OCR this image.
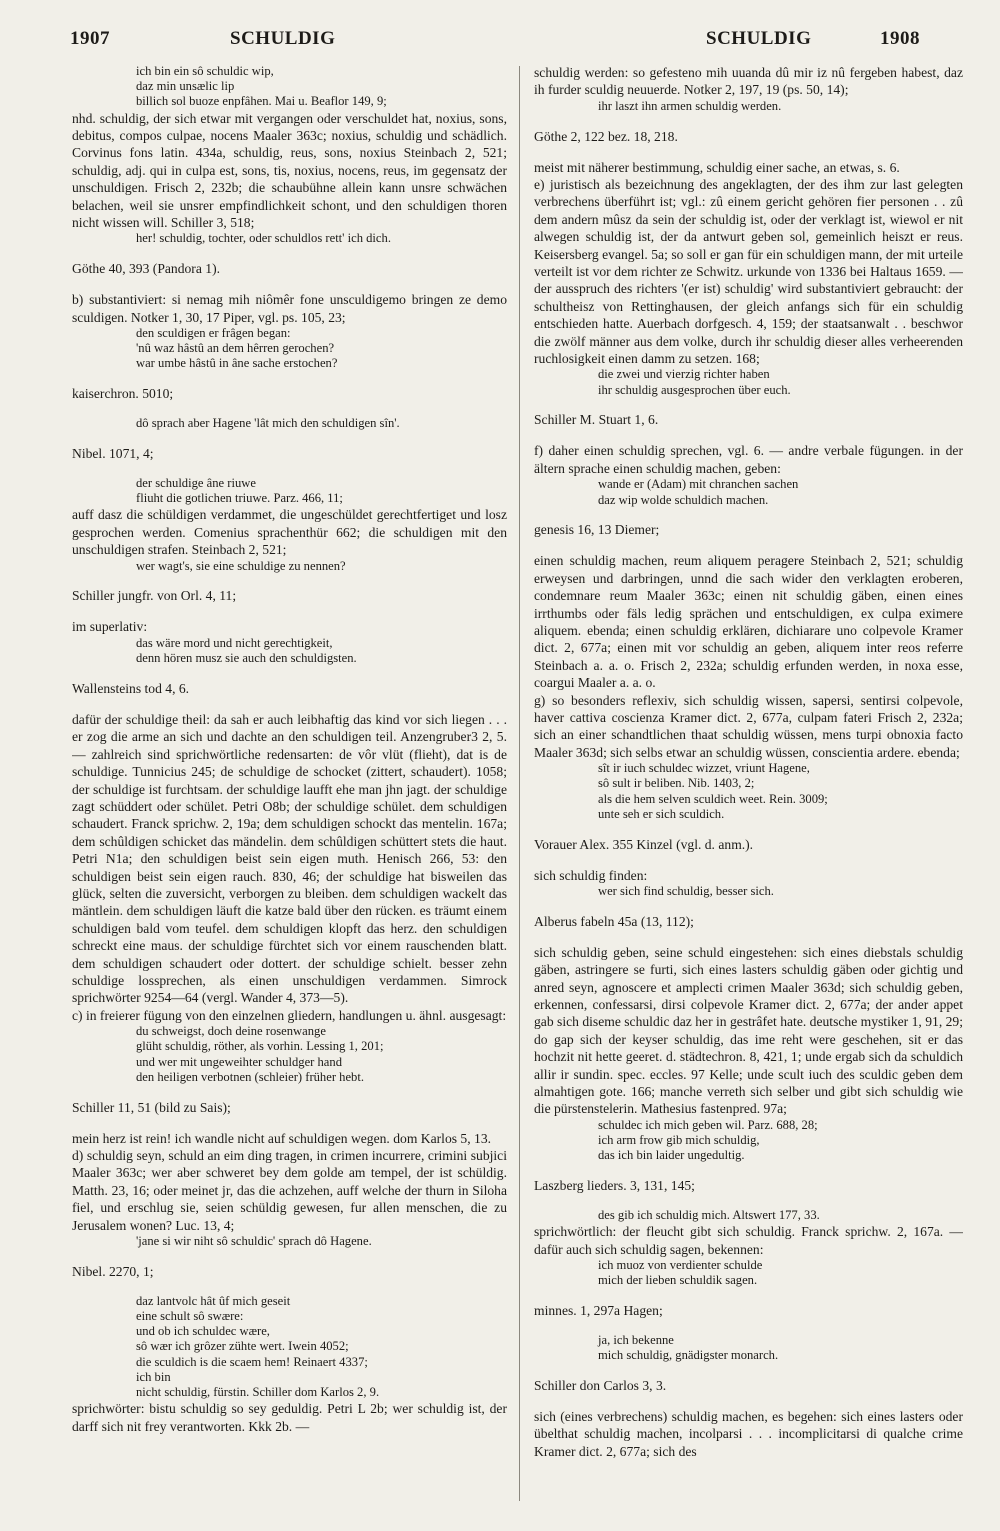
1907	SCHULDIG	SCHULDIG	1908

ich bin ein sô schuldic wip,

daz min unsælic lip

billich sol buoze enpfâhen. Mai u. Beaflor 149, 9;

nhd. schuldig, der sich etwar mit vergangen oder verschuldet hat, noxius, sons, debitus, compos culpae, nocens Maaler 363c; noxius, schuldig und schädlich. Corvinus fons latin. 434a, schuldig, reus, sons, noxius Steinbach 2, 521; schuldig, adj. qui in culpa est, sons, tis, noxius, nocens, reus, im gegensatz der unschuldigen. Frisch 2, 232b; die schaubühne allein kann unsre schwächen belachen, weil sie unsrer empfindlichkeit schont, und den schuldigen thoren nicht wissen will. Schiller 3, 518;

her! schuldig, tochter, oder schuldlos rett' ich dich.

Göthe 40, 393 (Pandora 1).

b) substantiviert: si nemag mih niômêr fone unsculdigemo bringen ze demo sculdigen. Notker 1, 30, 17 Piper, vgl. ps. 105, 23;

den sculdigen er frâgen began:

'nû waz hâstû an dem hêrren gerochen?

war umbe hâstû in âne sache erstochen?

kaiserchron. 5010;

dô sprach aber Hagene 'lât mich den schuldigen sîn'.

Nibel. 1071, 4;

der schuldige âne riuwe

fliuht die gotlichen triuwe. Parz. 466, 11;

auff dasz die schüldigen verdammet, die ungeschüldet gerechtfertiget und losz gesprochen werden. Comenius sprachenthür 662; die schuldigen mit den unschuldigen strafen. Steinbach 2, 521;

wer wagt's, sie eine schuldige zu nennen?

Schiller jungfr. von Orl. 4, 11;

im superlativ:

das wäre mord und nicht gerechtigkeit,

denn hören musz sie auch den schuldigsten.

Wallensteins tod 4, 6.

dafür der schuldige theil: da sah er auch leibhaftig das kind vor sich liegen . . . er zog die arme an sich und dachte an den schuldigen teil. Anzengruber3 2, 5. — zahlreich sind sprichwörtliche redensarten: de vôr vlüt (flieht), dat is de schuldige. Tunnicius 245; de schuldige de schocket (zittert, schaudert). 1058; der schuldige ist furchtsam. der schuldige laufft ehe man jhn jagt. der schuldige zagt schüddert oder schület. Petri O8b; der schuldige schület. dem schuldigen schaudert. Franck sprichw. 2, 19a; dem schuldigen schockt das mentelin. 167a; dem schûldigen schicket das mändelin. dem schûldigen schüttert stets die haut. Petri N1a; den schuldigen beist sein eigen muth. Henisch 266, 53: den schuldigen beist sein eigen rauch. 830, 46; der schuldige hat bisweilen das glück, selten die zuversicht, verborgen zu bleiben. dem schuldigen wackelt das mäntlein. dem schuldigen läuft die katze bald über den rücken. es träumt einem schuldigen bald vom teufel. dem schuldigen klopft das herz. den schuldigen schreckt eine maus. der schuldige fürchtet sich vor einem rauschenden blatt. dem schuldigen schaudert oder dottert. der schuldige schielt. besser zehn schuldige lossprechen, als einen unschuldigen verdammen. Simrock sprichwörter 9254—64 (vergl. Wander 4, 373—5).

c) in freierer fügung von den einzelnen gliedern, handlungen u. ähnl. ausgesagt:

du schweigst, doch deine rosenwange

glüht schuldig, röther, als vorhin. Lessing 1, 201;

und wer mit ungeweihter schuldger hand

den heiligen verbotnen (schleier) früher hebt.

Schiller 11, 51 (bild zu Sais);

mein herz ist rein! ich wandle nicht auf schuldigen wegen. dom Karlos 5, 13.

d) schuldig seyn, schuld an eim ding tragen, in crimen incurrere, crimini subjici Maaler 363c; wer aber schweret bey dem golde am tempel, der ist schüldig. Matth. 23, 16; oder meinet jr, das die achzehen, auff welche der thurn in Siloha fiel, und erschlug sie, seien schüldig gewesen, fur allen menschen, die zu Jerusalem wonen? Luc. 13, 4;

'jane si wir niht sô schuldic' sprach dô Hagene.

Nibel. 2270, 1;

daz lantvolc hât ûf mich geseit

eine schult sô swære:

und ob ich schuldec wære,

sô wær ich grôzer zühte wert. Iwein 4052;

die sculdich is die scaem hem! Reinaert 4337;

ich bin

nicht schuldig, fürstin. Schiller dom Karlos 2, 9.

sprichwörter: bistu schuldig so sey geduldig. Petri L 2b; wer schuldig ist, der darff sich nit frey verantworten. Kkk 2b. —

schuldig werden: so gefesteno mih uuanda dû mir iz nû fergeben habest, daz ih furder sculdig neuuerde. Notker 2, 197, 19 (ps. 50, 14);

ihr laszt ihn armen schuldig werden.

Göthe 2, 122 bez. 18, 218.

meist mit näherer bestimmung, schuldig einer sache, an etwas, s. 6.

e) juristisch als bezeichnung des angeklagten, der des ihm zur last gelegten verbrechens überführt ist; vgl.: zû einem gericht gehören fier personen . . zû dem andern mûsz da sein der schuldig ist, oder der verklagt ist, wiewol er nit alwegen schuldig ist, der da antwurt geben sol, gemeinlich heiszt er reus. Keisersberg evangel. 5a; so soll er gan für ein schuldigen mann, der mit urteile verteilt ist vor dem richter ze Schwitz. urkunde von 1336 bei Haltaus 1659. — der ausspruch des richters '(er ist) schuldig' wird substantiviert gebraucht: der schultheisz von Rettinghausen, der gleich anfangs sich für ein schuldig entschieden hatte. Auerbach dorfgesch. 4, 159; der staatsanwalt . . beschwor die zwölf männer aus dem volke, durch ihr schuldig dieser alles verheerenden ruchlosigkeit einen damm zu setzen. 168;

die zwei und vierzig richter haben

ihr schuldig ausgesprochen über euch.

Schiller M. Stuart 1, 6.

f) daher einen schuldig sprechen, vgl. 6. — andre verbale fügungen. in der ältern sprache einen schuldig machen, geben:

wande er (Adam) mit chranchen sachen

daz wip wolde schuldich machen.

genesis 16, 13 Diemer;

einen schuldig machen, reum aliquem peragere Steinbach 2, 521; schuldig erweysen und darbringen, unnd die sach wider den verklagten eroberen, condemnare reum Maaler 363c; einen nit schuldig gäben, einen eines irrthumbs oder fäls ledig sprächen und entschuldigen, ex culpa eximere aliquem. ebenda; einen schuldig erklären, dichiarare uno colpevole Kramer dict. 2, 677a; einen mit vor schuldig an geben, aliquem inter reos referre Steinbach a. a. o. Frisch 2, 232a; schuldig erfunden werden, in noxa esse, coargui Maaler a. a. o.

g) so besonders reflexiv, sich schuldig wissen, sapersi, sentirsi colpevole, haver cattiva coscienza Kramer dict. 2, 677a, culpam fateri Frisch 2, 232a; sich an einer schandtlichen thaat schuldig wüssen, mens turpi obnoxia facto Maaler 363d; sich selbs etwar an schuldig wüssen, conscientia ardere. ebenda;

sît ir iuch schuldec wizzet, vriunt Hagene,

sô sult ir beliben. Nib. 1403, 2;

als die hem selven sculdich weet. Rein. 3009;

unte seh er sich sculdich.

Vorauer Alex. 355 Kinzel (vgl. d. anm.).

sich schuldig finden:

wer sich find schuldig, besser sich.

Alberus fabeln 45a (13, 112);

sich schuldig geben, seine schuld eingestehen: sich eines diebstals schuldig gäben, astringere se furti, sich eines lasters schuldig gäben oder gichtig und anred seyn, agnoscere et amplecti crimen Maaler 363d; sich schuldig geben, erkennen, confessarsi, dirsi colpevole Kramer dict. 2, 677a; der ander appet gab sich diseme schuldic daz her in gestrâfet hate. deutsche mystiker 1, 91, 29; do gap sich der keyser schuldig, das ime reht were geschehen, sit er das hochzit nit hette geeret. d. städtechron. 8, 421, 1; unde ergab sich da schuldich allir ir sundin. spec. eccles. 97 Kelle; unde scult iuch des sculdic geben dem almahtigen gote. 166; manche verreth sich selber und gibt sich schuldig wie die pürstenstelerin. Mathesius fastenpred. 97a;

schuldec ich mich geben wil. Parz. 688, 28;

ich arm frow gib mich schuldig,

das ich bin laider ungedultig.

Laszberg lieders. 3, 131, 145;

des gib ich schuldig mich. Altswert 177, 33.

sprichwörtlich: der fleucht gibt sich schuldig. Franck sprichw. 2, 167a. — dafür auch sich schuldig sagen, bekennen:

ich muoz von verdienter schulde

mich der lieben schuldik sagen.

minnes. 1, 297a Hagen;

ja, ich bekenne

mich schuldig, gnädigster monarch.

Schiller don Carlos 3, 3.

sich (eines verbrechens) schuldig machen, es begehen: sich eines lasters oder übelthat schuldig machen, incolparsi . . . incomplicitarsi di qualche crime Kramer dict. 2, 677a; sich des
